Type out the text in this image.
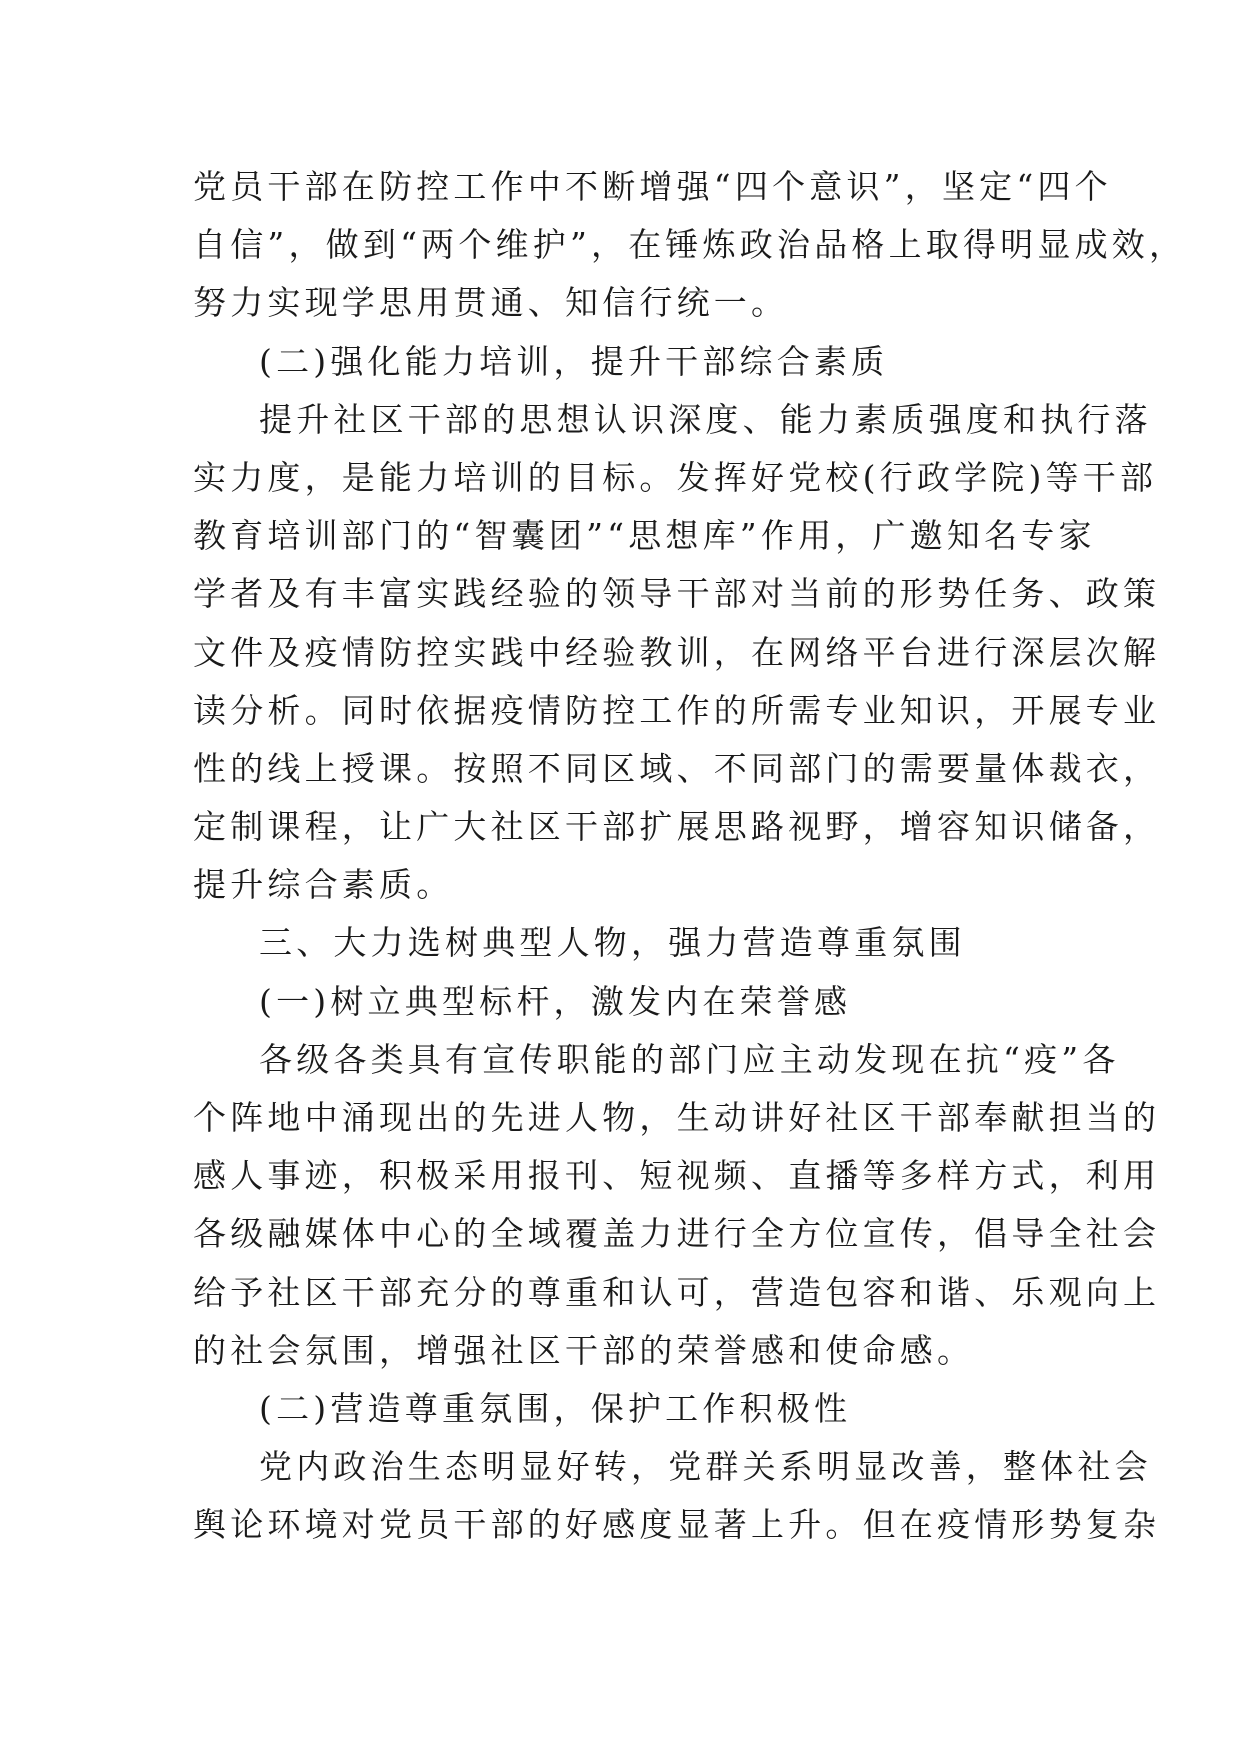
党员干部在防控工作中不断增强“四个意识”，坚定“四个
自信”，做到“两个维护”，在锤炼政治品格上取得明显成效，
努力实现学思用贯通、知信行统一。
(二)强化能力培训，提升干部综合素质
提升社区干部的思想认识深度、能力素质强度和执行落
实力度，是能力培训的目标。发挥好党校(行政学院)等干部
教育培训部门的“智囊团”“思想库”作用，广邀知名专家
学者及有丰富实践经验的领导干部对当前的形势任务、政策
文件及疫情防控实践中经验教训，在网络平台进行深层次解
读分析。同时依据疫情防控工作的所需专业知识，开展专业
性的线上授课。按照不同区域、不同部门的需要量体裁衣，
定制课程，让广大社区干部扩展思路视野，增容知识储备，
提升综合素质。
三、大力选树典型人物，强力营造尊重氛围
(一)树立典型标杆，激发内在荣誉感
各级各类具有宣传职能的部门应主动发现在抗“疫”各
个阵地中涌现出的先进人物，生动讲好社区干部奉献担当的
感人事迹，积极采用报刊、短视频、直播等多样方式，利用
各级融媒体中心的全域覆盖力进行全方位宣传，倡导全社会
给予社区干部充分的尊重和认可，营造包容和谐、乐观向上
的社会氛围，增强社区干部的荣誉感和使命感。
(二)营造尊重氛围，保护工作积极性
党内政治生态明显好转，党群关系明显改善，整体社会
舆论环境对党员干部的好感度显著上升。但在疫情形势复杂
